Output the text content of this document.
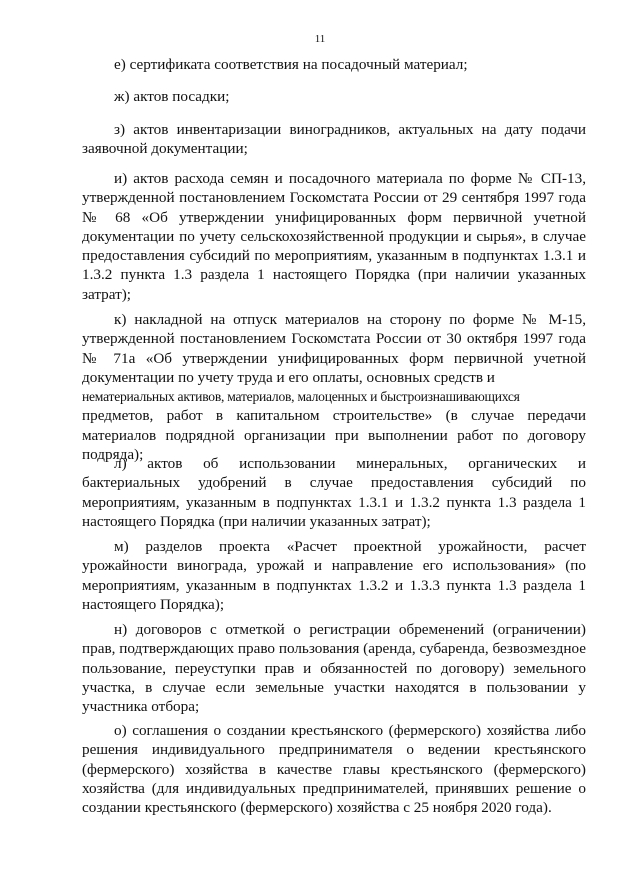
11

е) сертификата соответствия на посадочный материал;

ж) актов посадки;

з) актов инвентаризации виноградников, актуальных на дату подачи заявочной документации;

и) актов расхода семян и посадочного материала по форме № СП-13, утвержденной постановлением Госкомстата России от 29 сентября 1997 года № 68 «Об утверждении унифицированных форм первичной учетной документации по учету сельскохозяйственной продукции и сырья», в случае предоставления субсидий по мероприятиям, указанным в подпунктах 1.3.1 и 1.3.2 пункта 1.3 раздела 1 настоящего Порядка (при наличии указанных затрат);

к) накладной на отпуск материалов на сторону по форме № М-15, утвержденной постановлением Госкомстата России от 30 октября 1997 года № 71а «Об утверждении унифицированных форм первичной учетной документации по учету труда и его оплаты, основных средств и
нематериальных активов, материалов, малоценных и быстроизнашивающихся
предметов, работ в капитальном строительстве» (в случае передачи материалов подрядной организации при выполнении работ по договору подряда);

л) актов об использовании минеральных, органических и бактериальных удобрений в случае предоставления субсидий по мероприятиям, указанным в подпунктах 1.3.1 и 1.3.2 пункта 1.3 раздела 1 настоящего Порядка (при наличии указанных затрат);

м) разделов проекта «Расчет проектной урожайности, расчет урожайности винограда, урожай и направление его использования» (по мероприятиям, указанным в подпунктах 1.3.2 и 1.3.3 пункта 1.3 раздела 1 настоящего Порядка);

н) договоров с отметкой о регистрации обременений (ограничении) прав, подтверждающих право пользования (аренда, субаренда, безвозмездное пользование, переуступки прав и обязанностей по договору) земельного участка, в случае если земельные участки находятся в пользовании у участника отбора;

о) соглашения о создании крестьянского (фермерского) хозяйства либо решения индивидуального предпринимателя о ведении крестьянского (фермерского) хозяйства в качестве главы крестьянского (фермерского) хозяйства (для индивидуальных предпринимателей, принявших решение о создании крестьянского (фермерского) хозяйства с 25 ноября 2020 года).
